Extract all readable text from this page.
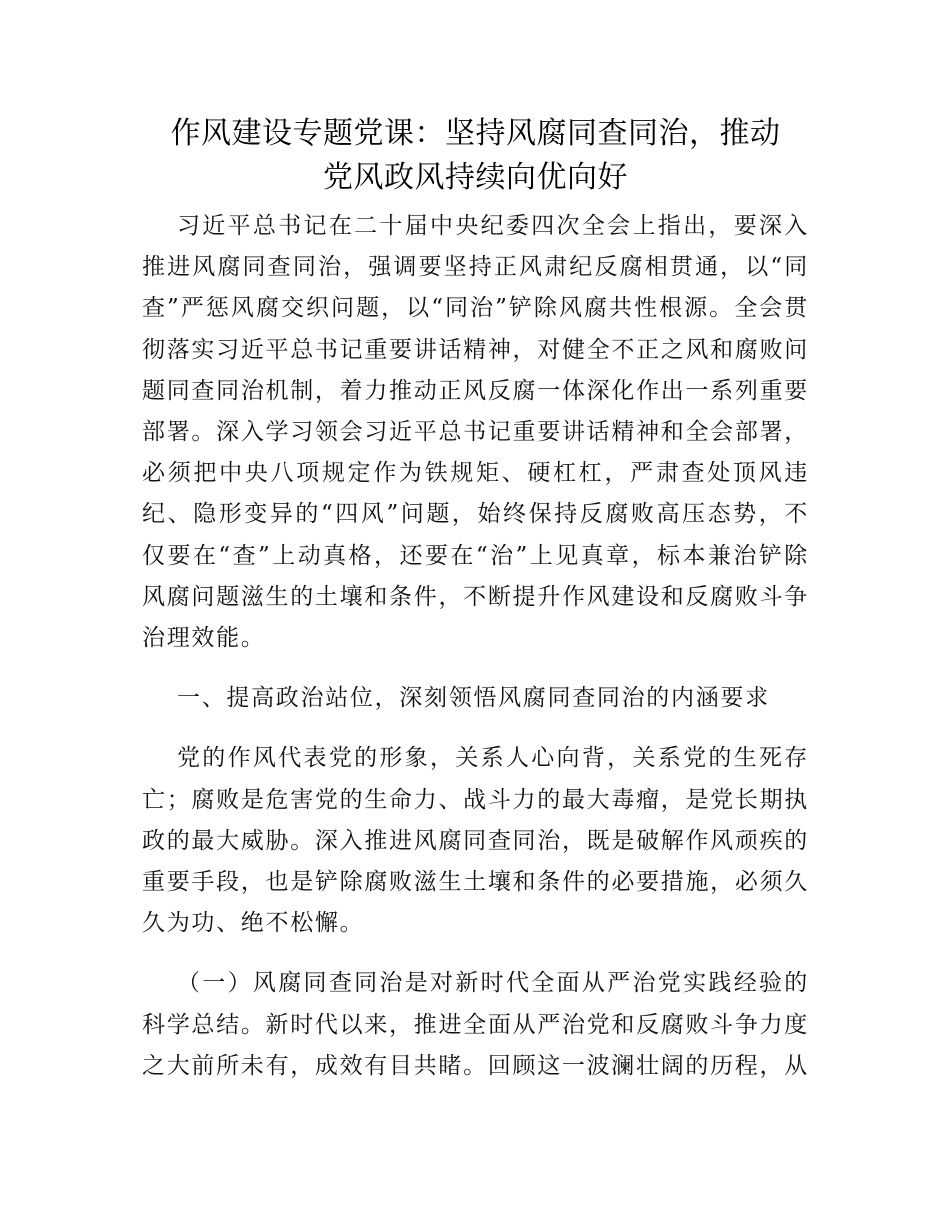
作风建设专题党课：坚持风腐同查同治，推动
党风政风持续向优向好

习近平总书记在二十届中央纪委四次全会上指出，要深入推进风腐同查同治，强调要坚持正风肃纪反腐相贯通，以“同查”严惩风腐交织问题，以“同治”铲除风腐共性根源。全会贯彻落实习近平总书记重要讲话精神，对健全不正之风和腐败问题同查同治机制，着力推动正风反腐一体深化作出一系列重要部署。深入学习领会习近平总书记重要讲话精神和全会部署，必须把中央八项规定作为铁规矩、硬杠杠，严肃查处顶风违纪、隐形变异的“四风”问题，始终保持反腐败高压态势，不仅要在“查”上动真格，还要在“治”上见真章，标本兼治铲除风腐问题滋生的土壤和条件，不断提升作风建设和反腐败斗争治理效能。

一、提高政治站位，深刻领悟风腐同查同治的内涵要求

党的作风代表党的形象，关系人心向背，关系党的生死存亡；腐败是危害党的生命力、战斗力的最大毒瘤，是党长期执政的最大威胁。深入推进风腐同查同治，既是破解作风顽疾的重要手段，也是铲除腐败滋生土壤和条件的必要措施，必须久久为功、绝不松懈。

（一）风腐同查同治是对新时代全面从严治党实践经验的科学总结。新时代以来，推进全面从严治党和反腐败斗争力度之大前所未有，成效有目共睹。回顾这一波澜壮阔的历程，从
